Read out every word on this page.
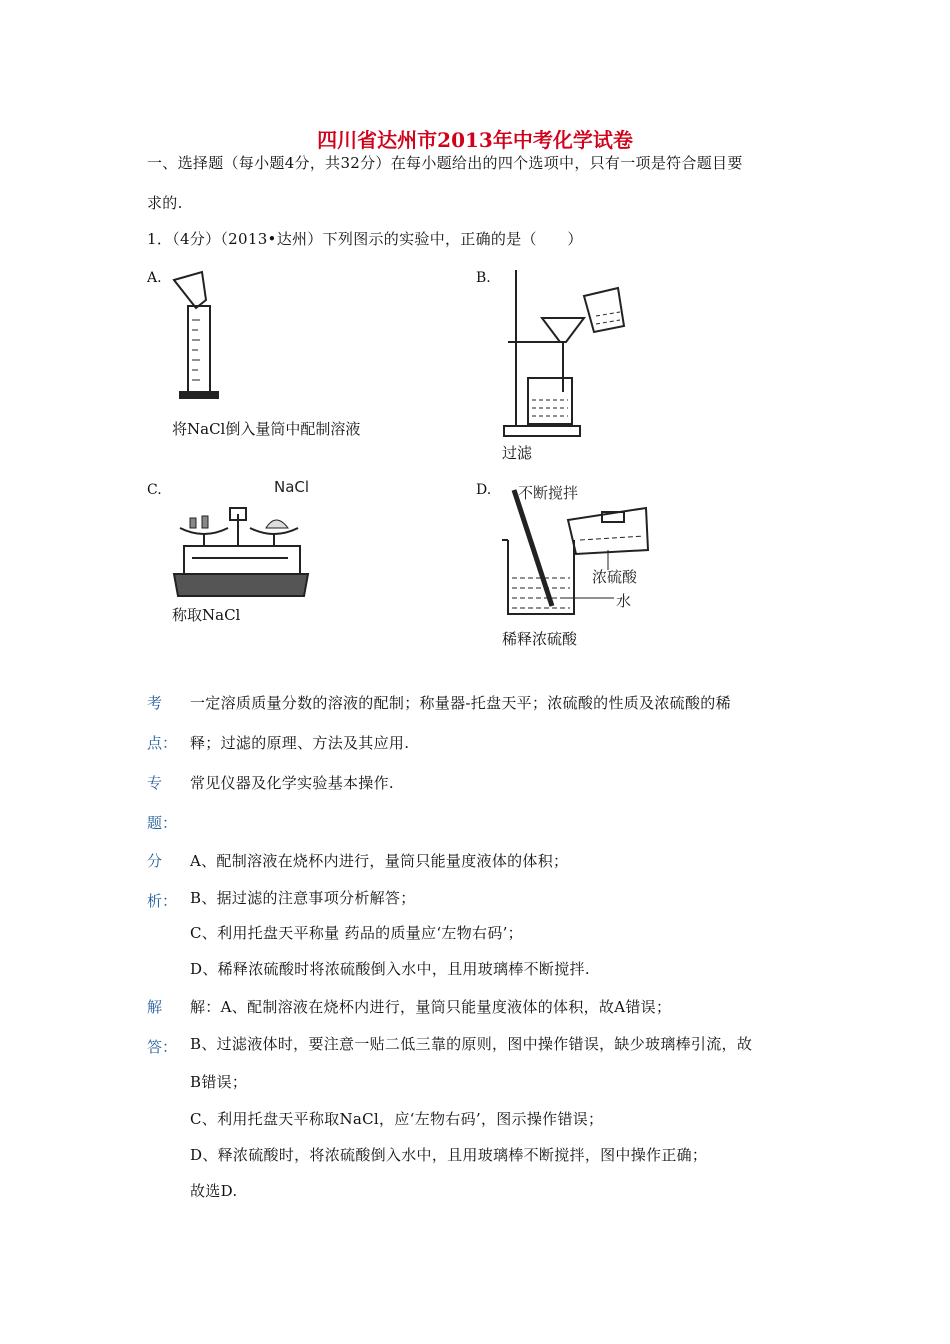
四川省达州市2013年中考化学试卷
一、选择题（每小题4分，共32分）在每小题给出的四个选项中，只有一项是符合题目要
求的.
1．（4分）（2013•达州）下列图示的实验中，正确的是（　　）
A.
将NaCl倒入量筒中配制溶液
B.
过滤
C.	NaCl
称取NaCl
D. 不断搅拌
浓硫酸
水
稀释浓硫酸
考
点：
一定溶质质量分数的溶液的配制；称量器-托盘天平；浓硫酸的性质及浓硫酸的稀
释；过滤的原理、方法及其应用.
专
题：
常见仪器及化学实验基本操作.
分
析：
A、配制溶液在烧杯内进行，量筒只能量度液体的体积；
B、据过滤的注意事项分析解答；
C、利用托盘天平称量 药品的质量应‘左物右码’；
D、稀释浓硫酸时将浓硫酸倒入水中，且用玻璃棒不断搅拌.
解
答：
解：A、配制溶液在烧杯内进行，量筒只能量度液体的体积，故A错误；
B、过滤液体时，要注意一贴二低三靠的原则，图中操作错误，缺少玻璃棒引流，故
B错误；
C、利用托盘天平称取NaCl，应‘左物右码’，图示操作错误；
D、释浓硫酸时，将浓硫酸倒入水中，且用玻璃棒不断搅拌，图中操作正确；
故选D.
